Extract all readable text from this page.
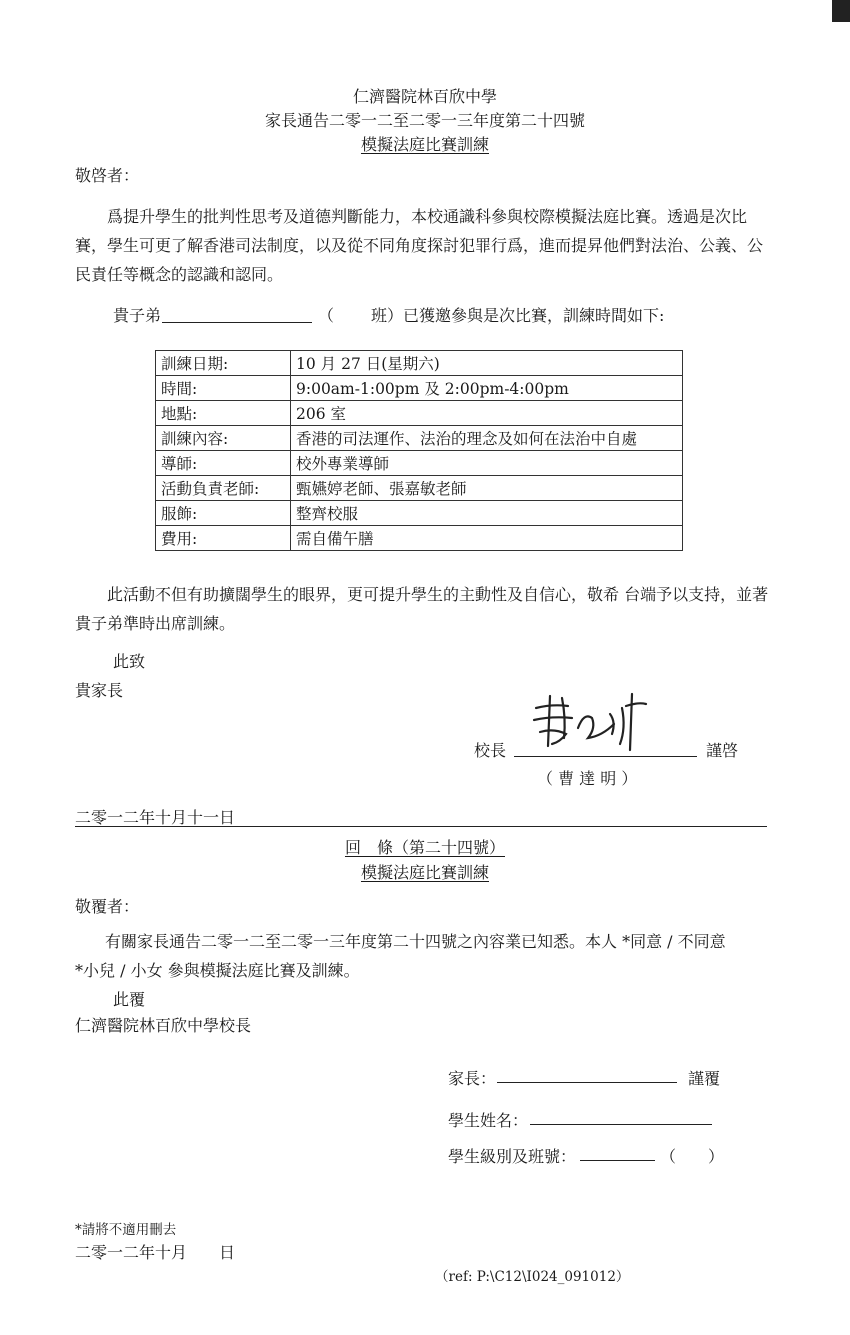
仁濟醫院林百欣中學
家長通告二零一二至二零一三年度第二十四號
模擬法庭比賽訓練
敬啓者：
爲提升學生的批判性思考及道德判斷能力，本校通識科參與校際模擬法庭比賽。透過是次比賽，學生可更了解香港司法制度，以及從不同角度探討犯罪行爲，進而提昇他們對法治、公義、公民責任等概念的認識和認同。
貴子弟	（ 班）已獲邀參與是次比賽，訓練時間如下:
訓練日期:	10 月 27 日(星期六)
時間:	9:00am-1:00pm 及 2:00pm-4:00pm
地點:	206 室
訓練內容:	香港的司法運作、法治的理念及如何在法治中自處
導師:	校外專業導師
活動負責老師:	甄嬿婷老師、張嘉敏老師
服飾:	整齊校服
費用:	需自備午膳
此活動不但有助擴闊學生的眼界，更可提升學生的主動性及自信心，敬希 台端予以支持，並著 貴子弟準時出席訓練。
此致
貴家長
校長	謹啓
（ 曹 達 明 ）
二零一二年十月十一日
回　條（第二十四號）
模擬法庭比賽訓練
敬覆者：
有關家長通告二零一二至二零一三年度第二十四號之內容業已知悉。本人 *同意 / 不同意
*小兒 / 小女 參與模擬法庭比賽及訓練。
此覆
仁濟醫院林百欣中學校長
家長：	謹覆
學生姓名：
學生級別及班號：	（　　）
*請將不適用刪去
二零一二年十月　　日
（ref: P:\C12\I024_091012）
